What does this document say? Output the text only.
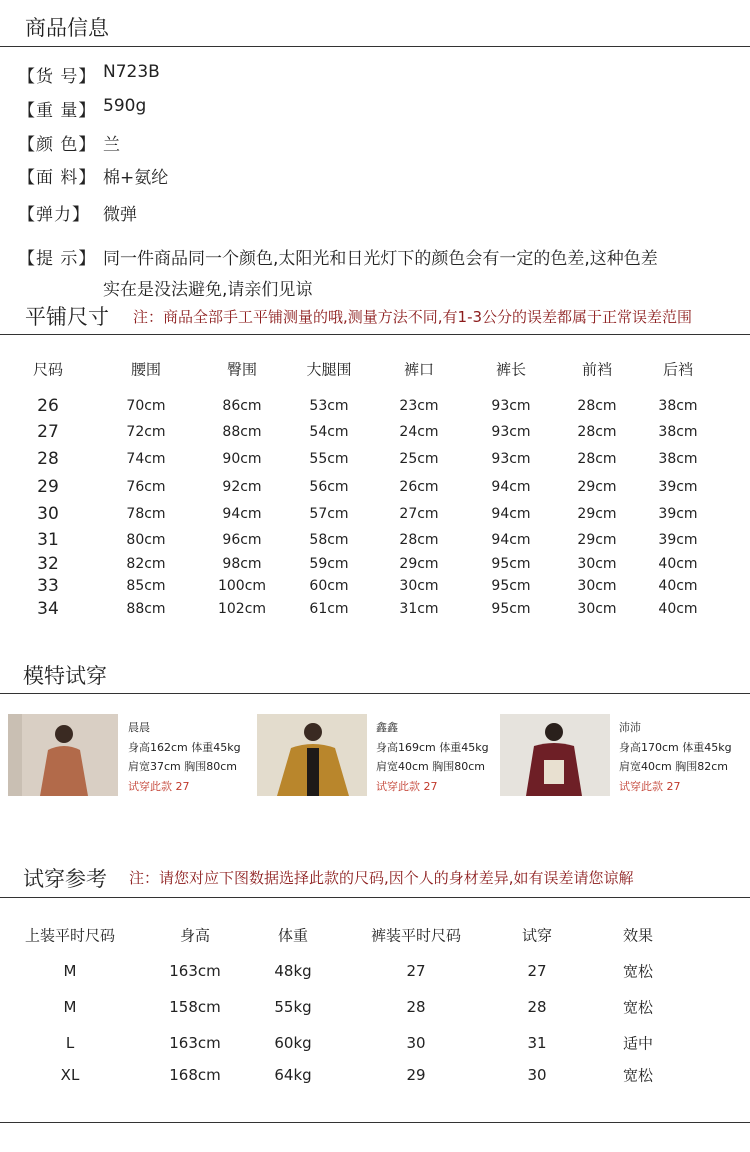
商品信息
【货 号】 N723B
【重 量】 590g
【颜 色】 兰
【面 料】 棉+氨纶
【弹力】 微弹
【提 示】 同一件商品同一个颜色,太阳光和日光灯下的颜色会有一定的色差,这种色差
实在是没法避免,请亲们见谅
平铺尺寸 注：商品全部手工平铺测量的哦,测量方法不同,有1-3公分的误差都属于正常误差范围
尺码	腰围	臀围	大腿围	裤口	裤长	前裆	后裆
26	70cm	86cm	53cm	23cm	93cm	28cm	38cm
27	72cm	88cm	54cm	24cm	93cm	28cm	38cm
28	74cm	90cm	55cm	25cm	93cm	28cm	38cm
29	76cm	92cm	56cm	26cm	94cm	29cm	39cm
30	78cm	94cm	57cm	27cm	94cm	29cm	39cm
31	80cm	96cm	58cm	28cm	94cm	29cm	39cm
32	82cm	98cm	59cm	29cm	95cm	30cm	40cm
33	85cm	100cm	60cm	30cm	95cm	30cm	40cm
34	88cm	102cm	61cm	31cm	95cm	30cm	40cm
模特试穿
晨晨
身高162cm 体重45kg
肩宽37cm 胸围80cm
试穿此款 27
鑫鑫
身高169cm 体重45kg
肩宽40cm 胸围80cm
试穿此款 27
沛沛
身高170cm 体重45kg
肩宽40cm 胸围82cm
试穿此款 27
试穿参考 注：请您对应下图数据选择此款的尺码,因个人的身材差异,如有误差请您谅解
上装平时尺码	身高	体重	裤装平时尺码	试穿	效果
M	163cm	48kg	27	27	宽松
M	158cm	55kg	28	28	宽松
L	163cm	60kg	30	31	适中
XL	168cm	64kg	29	30	宽松
